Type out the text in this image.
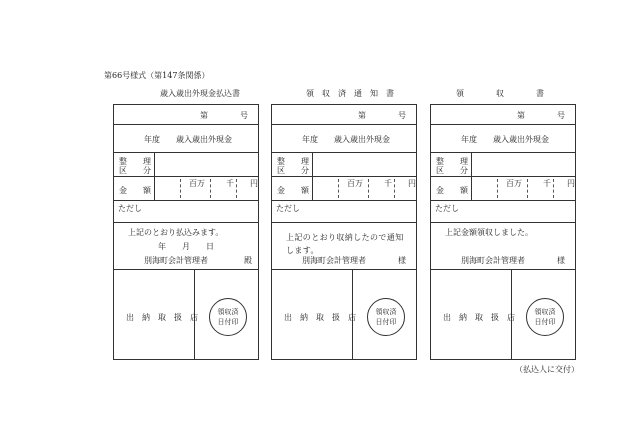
第66号様式（第147条関係）
歳入歳出外現金払込書	領　収　済　通　知　書	領　　　　収　　　　書
第　　　　号
年度 歳入歳出外現金
整　　理
区　　分
金　　額
百万	千 円
ただし
上記のとおり払込みます。
年　　月　　日
別海町会計管理者	殿
出　納　取　扱　店
領収済
日付印
第　　　　号
年度 歳入歳出外現金
整　　理
区　　分
金　　額
百万	千 円
ただし
上記のとおり収納したので通知します。
別海町会計管理者	様
出　納　取　扱　店
領収済
日付印
第　　　　号
年度 歳入歳出外現金
整　　理
区　　分
金　　額
百万	千 円
ただし
上記金額領収しました。
別海町会計管理者	様
出　納　取　扱　店
領収済
日付印
（払込人に交付）
